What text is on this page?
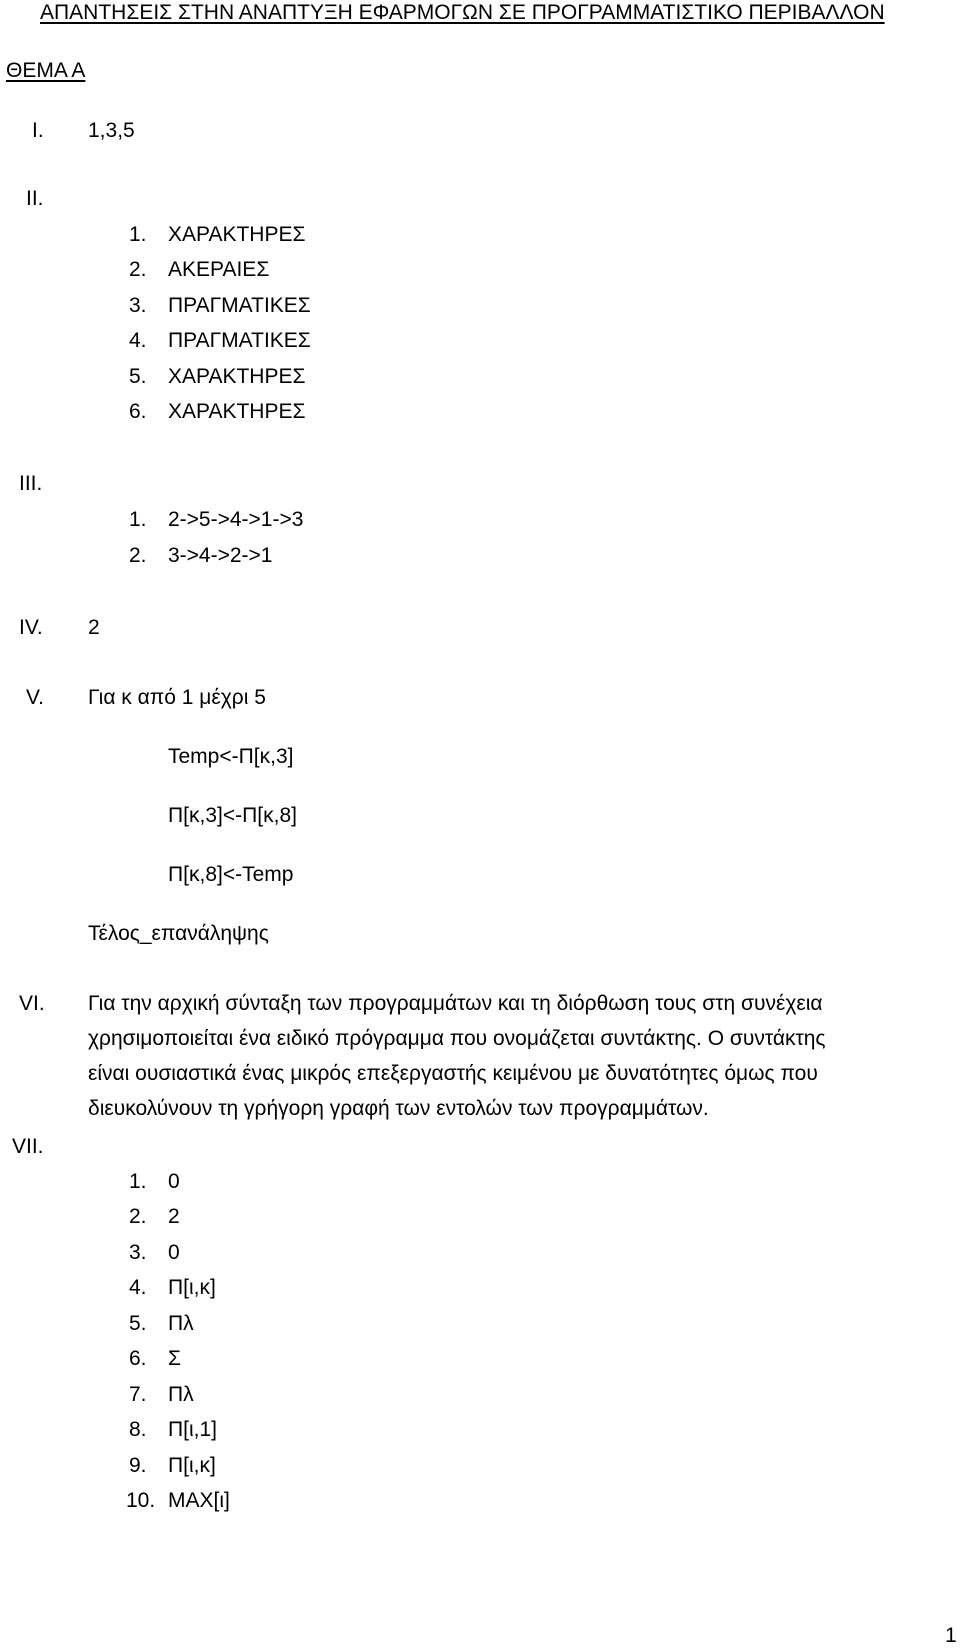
ΑΠΑΝΤΗΣΕΙΣ ΣΤΗΝ ΑΝΑΠΤΥΞΗ ΕΦΑΡΜΟΓΩΝ ΣΕ ΠΡΟΓΡΑΜΜΑΤΙΣΤΙΚΟ ΠΕΡΙΒΑΛΛΟΝ
ΘΕΜΑ Α
I. 1,3,5
II.
1. ΧΑΡΑΚΤΗΡΕΣ
2. ΑΚΕΡΑΙΕΣ
3. ΠΡΑΓΜΑΤΙΚΕΣ
4. ΠΡΑΓΜΑΤΙΚΕΣ
5. ΧΑΡΑΚΤΗΡΕΣ
6. ΧΑΡΑΚΤΗΡΕΣ
III.
1. 2->5->4->1->3
2. 3->4->2->1
IV. 2
V. Για κ από 1 μέχρι 5
Temp<-Π[κ,3]
Π[κ,3]<-Π[κ,8]
Π[κ,8]<-Temp
Τέλος_επανάληψης
VI. Για την αρχική σύνταξη των προγραμμάτων και τη διόρθωση τους στη συνέχεια
χρησιμοποιείται ένα ειδικό πρόγραμμα που ονομάζεται συντάκτης. Ο συντάκτης
είναι ουσιαστικά ένας μικρός επεξεργαστής κειμένου με δυνατότητες όμως που
διευκολύνουν τη γρήγορη γραφή των εντολών των προγραμμάτων.
VII.
1. 0
2. 2
3. 0
4. Π[ι,κ]
5. Πλ
6. Σ
7. Πλ
8. Π[ι,1]
9. Π[ι,κ]
10. MAX[ι]
1
